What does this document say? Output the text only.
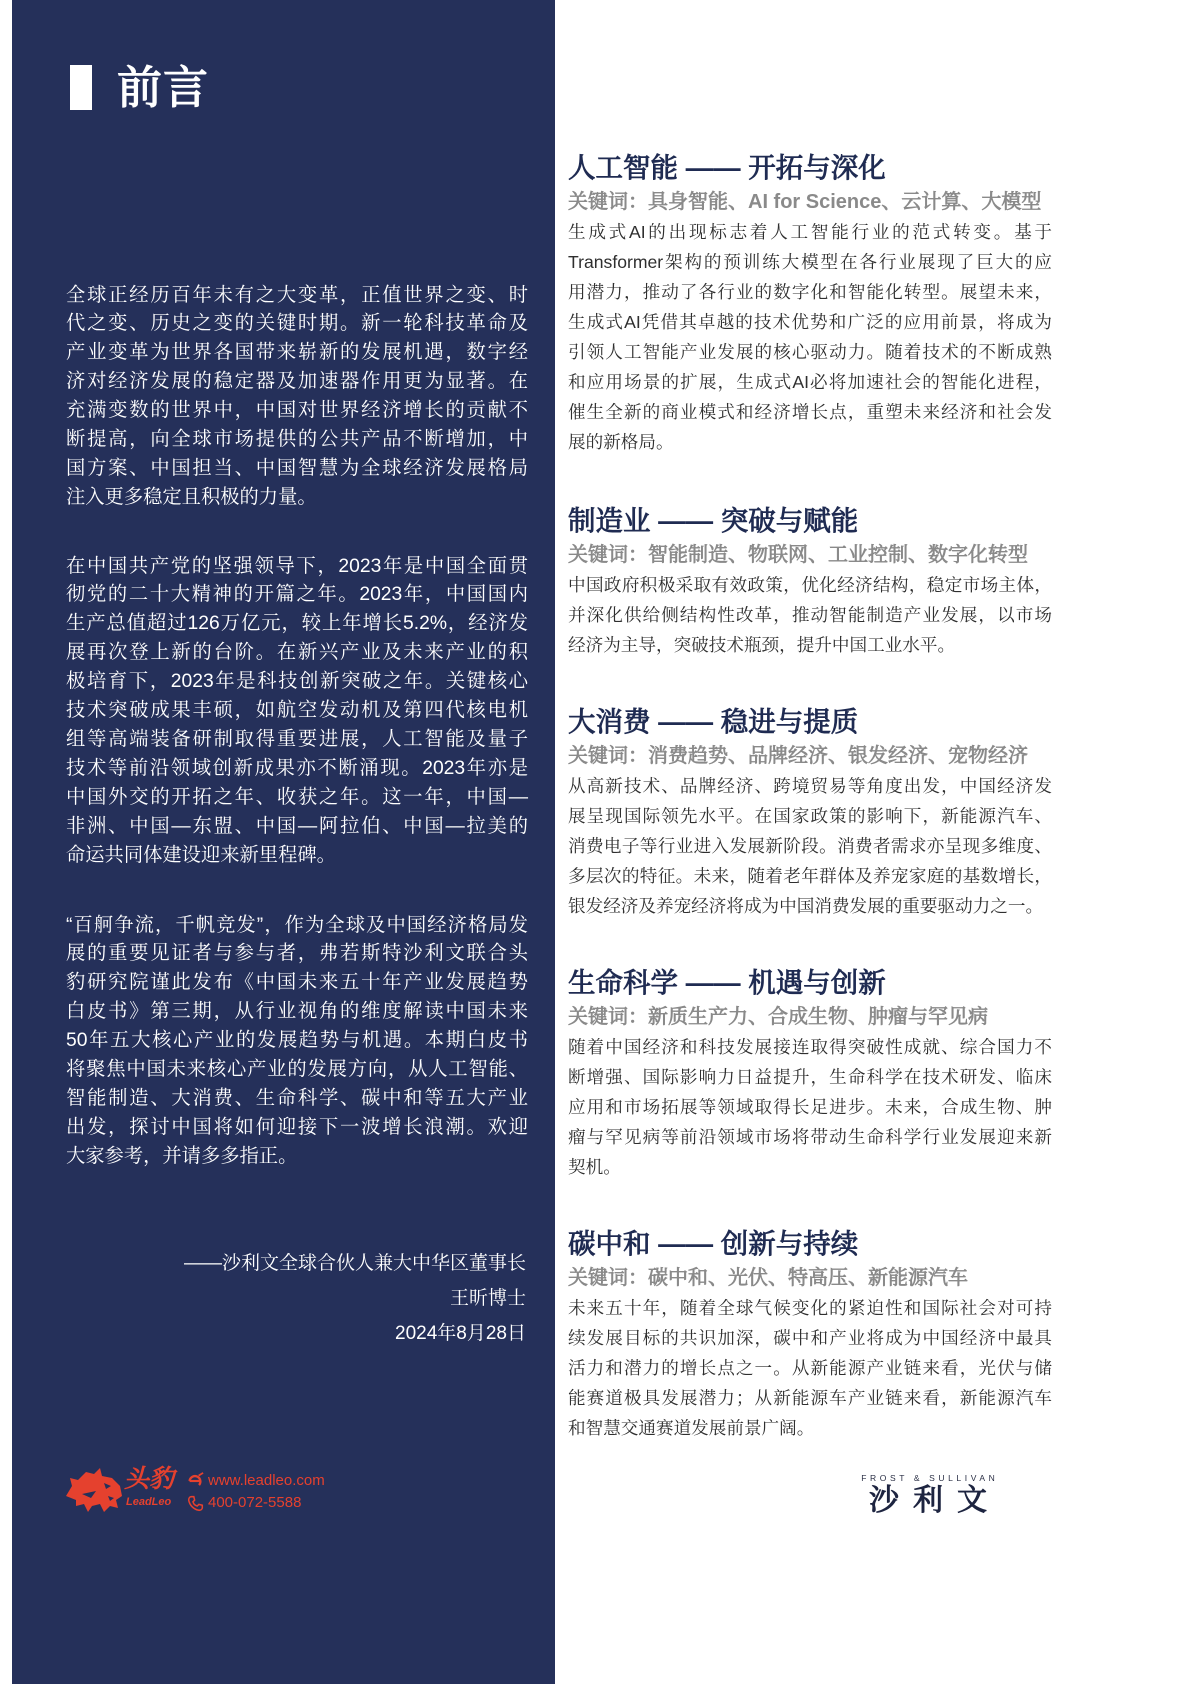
前言
全球正经历百年未有之大变革，正值世界之变、时
代之变、历史之变的关键时期。新一轮科技革命及
产业变革为世界各国带来崭新的发展机遇，数字经
济对经济发展的稳定器及加速器作用更为显著。在
充满变数的世界中，中国对世界经济增长的贡献不
断提高，向全球市场提供的公共产品不断增加，中
国方案、中国担当、中国智慧为全球经济发展格局
注入更多稳定且积极的力量。
在中国共产党的坚强领导下，2023年是中国全面贯
彻党的二十大精神的开篇之年。2023年，中国国内
生产总值超过126万亿元，较上年增长5.2%，经济发
展再次登上新的台阶。在新兴产业及未来产业的积
极培育下，2023年是科技创新突破之年。关键核心
技术突破成果丰硕，如航空发动机及第四代核电机
组等高端装备研制取得重要进展，人工智能及量子
技术等前沿领域创新成果亦不断涌现。2023年亦是
中国外交的开拓之年、收获之年。这一年，中国—
非洲、中国—东盟、中国—阿拉伯、中国—拉美的
命运共同体建设迎来新里程碑。
“百舸争流，千帆竞发”，作为全球及中国经济格局发
展的重要见证者与参与者，弗若斯特沙利文联合头
豹研究院谨此发布《中国未来五十年产业发展趋势
白皮书》第三期，从行业视角的维度解读中国未来
50年五大核心产业的发展趋势与机遇。本期白皮书
将聚焦中国未来核心产业的发展方向，从人工智能、
智能制造、大消费、生命科学、碳中和等五大产业
出发，探讨中国将如何迎接下一波增长浪潮。欢迎
大家参考，并请多多指正。
——沙利文全球合伙人兼大中华区董事长
王昕博士
2024年8月28日
头豹
LeadLeo
www.leadleo.com
400-072-5588
人工智能 —— 开拓与深化
关键词：具身智能、AI for Science、云计算、大模型
生成式AI的出现标志着人工智能行业的范式转变。基于
Transformer架构的预训练大模型在各行业展现了巨大的应
用潜力，推动了各行业的数字化和智能化转型。展望未来，
生成式AI凭借其卓越的技术优势和广泛的应用前景，将成为
引领人工智能产业发展的核心驱动力。随着技术的不断成熟
和应用场景的扩展，生成式AI必将加速社会的智能化进程，
催生全新的商业模式和经济增长点，重塑未来经济和社会发
展的新格局。
制造业 —— 突破与赋能
关键词：智能制造、物联网、工业控制、数字化转型
中国政府积极采取有效政策，优化经济结构，稳定市场主体，
并深化供给侧结构性改革，推动智能制造产业发展，以市场
经济为主导，突破技术瓶颈，提升中国工业水平。
大消费 —— 稳进与提质
关键词：消费趋势、品牌经济、银发经济、宠物经济
从高新技术、品牌经济、跨境贸易等角度出发，中国经济发
展呈现国际领先水平。在国家政策的影响下，新能源汽车、
消费电子等行业进入发展新阶段。消费者需求亦呈现多维度、
多层次的特征。未来，随着老年群体及养宠家庭的基数增长，
银发经济及养宠经济将成为中国消费发展的重要驱动力之一。
生命科学 —— 机遇与创新
关键词：新质生产力、合成生物、肿瘤与罕见病
随着中国经济和科技发展接连取得突破性成就、综合国力不
断增强、国际影响力日益提升，生命科学在技术研发、临床
应用和市场拓展等领域取得长足进步。未来，合成生物、肿
瘤与罕见病等前沿领域市场将带动生命科学行业发展迎来新
契机。
碳中和 —— 创新与持续
关键词：碳中和、光伏、特高压、新能源汽车
未来五十年，随着全球气候变化的紧迫性和国际社会对可持
续发展目标的共识加深，碳中和产业将成为中国经济中最具
活力和潜力的增长点之一。从新能源产业链来看，光伏与储
能赛道极具发展潜力；从新能源车产业链来看，新能源汽车
和智慧交通赛道发展前景广阔。
FROST & SULLIVAN
沙利文
